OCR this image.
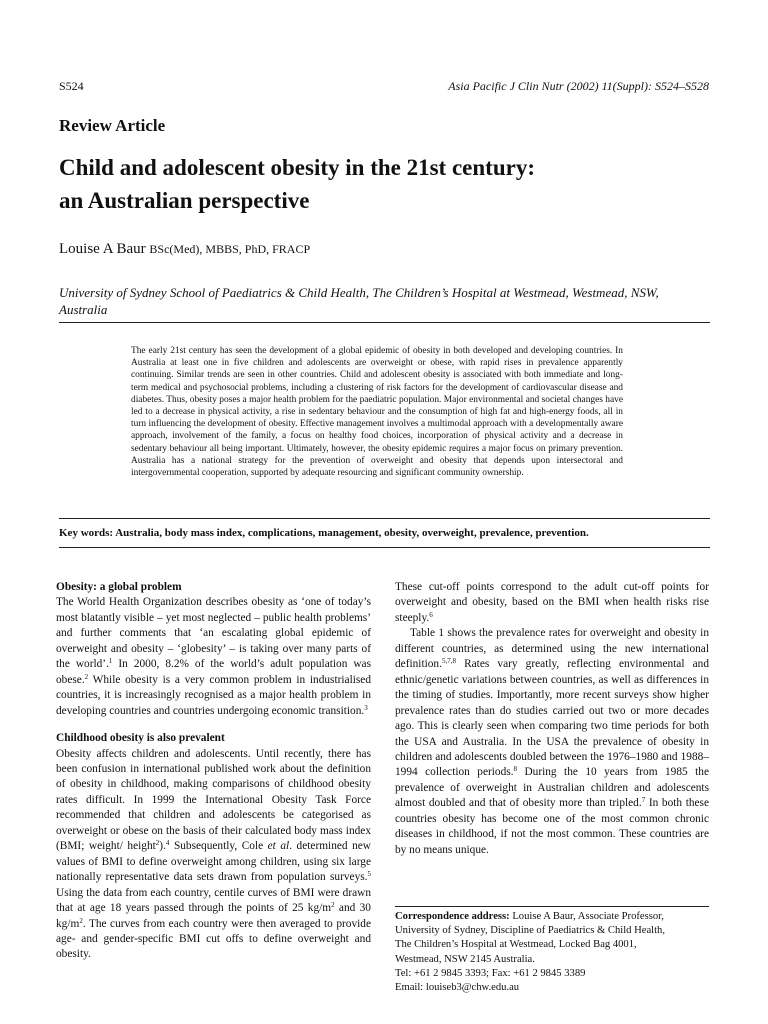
S524	Asia Pacific J Clin Nutr (2002) 11(Suppl): S524–S528
Review Article
Child and adolescent obesity in the 21st century:
an Australian perspective
Louise A Baur BSc(Med), MBBS, PhD, FRACP
University of Sydney School of Paediatrics & Child Health, The Children’s Hospital at Westmead, Westmead, NSW, Australia
The early 21st century has seen the development of a global epidemic of obesity in both developed and developing countries. In Australia at least one in five children and adolescents are overweight or obese, with rapid rises in prevalence apparently continuing. Similar trends are seen in other countries. Child and adolescent obesity is associated with both immediate and long-term medical and psychosocial problems, including a clustering of risk factors for the development of cardiovascular disease and diabetes. Thus, obesity poses a major health problem for the paediatric population. Major environmental and societal changes have led to a decrease in physical activity, a rise in sedentary behaviour and the consumption of high fat and high-energy foods, all in turn influencing the development of obesity. Effective management involves a multimodal approach with a developmentally aware approach, involvement of the family, a focus on healthy food choices, incorporation of physical activity and a decrease in sedentary behaviour all being important. Ultimately, however, the obesity epidemic requires a major focus on primary prevention. Australia has a national strategy for the prevention of overweight and obesity that depends upon intersectoral and intergovernmental cooperation, supported by adequate resourcing and significant community ownership.
Key words: Australia, body mass index, complications, management, obesity, overweight, prevalence, prevention.

Obesity: a global problem

The World Health Organization describes obesity as ‘one of today’s most blatantly visible – yet most neglected – public health problems’ and further comments that ‘an escalating global epidemic of overweight and obesity – ‘globesity’ – is taking over many parts of the world’.$^1$ In 2000, 8.2% of the world’s adult population was obese.$^2$ While obesity is a very common problem in industrialised countries, it is increasingly recognised as a major health problem in developing countries and countries undergoing economic transition.$^3$

Childhood obesity is also prevalent

Obesity affects children and adolescents. Until recently, there has been confusion in international published work about the definition of obesity in childhood, making comparisons of childhood obesity rates difficult. In 1999 the International Obesity Task Force recommended that children and adolescents be categorised as overweight or obese on the basis of their calculated body mass index (BMI; weight/ height$^2$).$^4$ Subsequently, Cole et al. determined new values of BMI to define overweight among children, using six large nationally representative data sets drawn from population surveys.$^5$ Using the data from each country, centile curves of BMI were drawn that at age 18 years passed through the points of 25 $kg/m^2$ and 30 $kg/m^2$. The curves from each country were then averaged to provide age- and gender-specific BMI cut offs to define overweight and obesity.

These cut-off points correspond to the adult cut-off points for overweight and obesity, based on the BMI when health risks rise steeply.$^6$

Table 1 shows the prevalence rates for overweight and obesity in different countries, as determined using the new international definition.$^{5,7,8}$ Rates vary greatly, reflecting environmental and ethnic/genetic variations between countries, as well as differences in the timing of studies. Importantly, more recent surveys show higher prevalence rates than do studies carried out two or more decades ago. This is clearly seen when comparing two time periods for both the USA and Australia. In the USA the prevalence of obesity in children and adolescents doubled between the 1976–1980 and 1988–1994 collection periods.$^8$ During the 10 years from 1985 the prevalence of overweight in Australian children and adolescents almost doubled and that of obesity more than tripled.$^7$ In both these countries obesity has become one of the most common chronic diseases in childhood, if not the most common. These countries are by no means unique.

Correspondence address: Louise A Baur, Associate Professor,
University of Sydney, Discipline of Paediatrics & Child Health,
The Children’s Hospital at Westmead, Locked Bag 4001,
Westmead, NSW 2145 Australia.
Tel: +61 2 9845 3393; Fax: +61 2 9845 3389
Email: louiseb3@chw.edu.au
